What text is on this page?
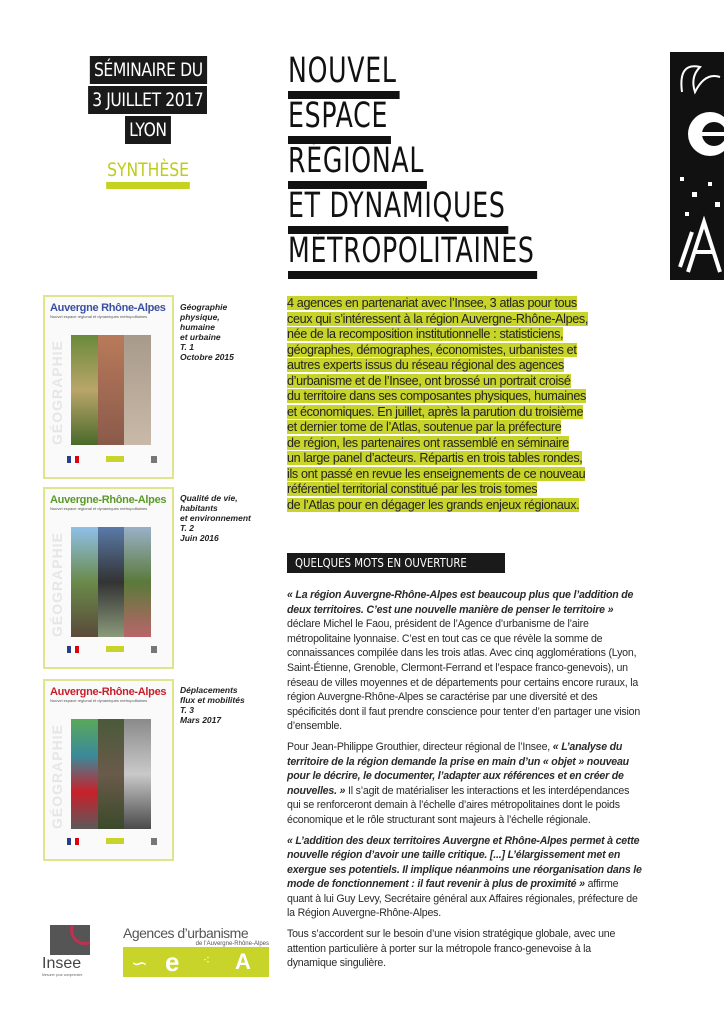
SÉMINAIRE DU
3 JUILLET 2017
LYON
SYNTHÈSE
NOUVEL
ESPACE
RÉGIONAL
ET DYNAMIQUES
MÉTROPOLITAINES
Auvergne Rhône-Alpes
Nouvel espace régional et dynamiques métropolitaines
GÉOGRAPHIE
Géographie
physique,
humaine
et urbaine
T. 1
Octobre 2015
Auvergne-Rhône-Alpes
Nouvel espace régional et dynamiques métropolitaines
GÉOGRAPHIE
Qualité de vie,
habitants
et environnement
T. 2
Juin 2016
Auvergne-Rhône-Alpes
Nouvel espace régional et dynamiques métropolitaines
GÉOGRAPHIE
Déplacements
flux et mobilités
T. 3
Mars 2017
4 agences en partenariat avec l’Insee, 3 atlas pour tous
ceux qui s’intéressent à la région Auvergne-Rhône-Alpes,
née de la recomposition institutionnelle : statisticiens,
géographes, démographes, économistes, urbanistes et
autres experts issus du réseau régional des agences
d’urbanisme et de l’Insee, ont brossé un portrait croisé
du territoire dans ses composantes physiques, humaines
et économiques. En juillet, après la parution du troisième
et dernier tome de l’Atlas, soutenue par la préfecture
de région, les partenaires ont rassemblé en séminaire
un large panel d’acteurs. Répartis en trois tables rondes,
ils ont passé en revue les enseignements de ce nouveau
référentiel territorial constitué par les trois tomes
de l’Atlas pour en dégager les grands enjeux régionaux.
QUELQUES MOTS EN OUVERTURE

« La région Auvergne-Rhône-Alpes est beaucoup plus que l’addition de deux territoires. C’est une nouvelle manière de penser le territoire » déclare Michel le Faou, président de l’Agence d’urbanisme de l’aire métropolitaine lyonnaise. C’est en tout cas ce que révèle la somme de connaissances compilée dans les trois atlas. Avec cinq agglomérations (Lyon, Saint-Étienne, Grenoble, Clermont-Ferrand et l’espace franco-genevois), un réseau de villes moyennes et de départements pour certains encore ruraux, la région Auvergne-Rhône-Alpes se caractérise par une diversité et des spécificités dont il faut prendre conscience pour tenter d’en partager une vision d’ensemble.

Pour Jean-Philippe Grouthier, directeur régional de l’Insee, « L’analyse du territoire de la région demande la prise en main d’un « objet » nouveau pour le décrire, le documenter, l’adapter aux références et en créer de nouvelles. » Il s’agit de matérialiser les interactions et les interdépendances qui se renforceront demain à l’échelle d’aires métropolitaines dont le poids économique et le rôle structurant sont majeurs à l’échelle régionale.

« L’addition des deux territoires Auvergne et Rhône-Alpes permet à cette nouvelle région d’avoir une taille critique. [...] L’élargissement met en exergue ses potentiels. Il implique néanmoins une réorganisation dans le mode de fonctionnement : il faut revenir à plus de proximité » affirme quant à lui Guy Levy, Secrétaire général aux Affaires régionales, préfecture de la Région Auvergne-Rhône-Alpes.

Tous s’accordent sur le besoin d’une vision stratégique globale, avec une attention particulière à porter sur la métropole franco-genevoise à la dynamique singulière.

Insee
Mesurer pour comprendre
Agences d’urbanisme
de l’Auvergne-Rhône-Alpes
∽ e ⁖ A
